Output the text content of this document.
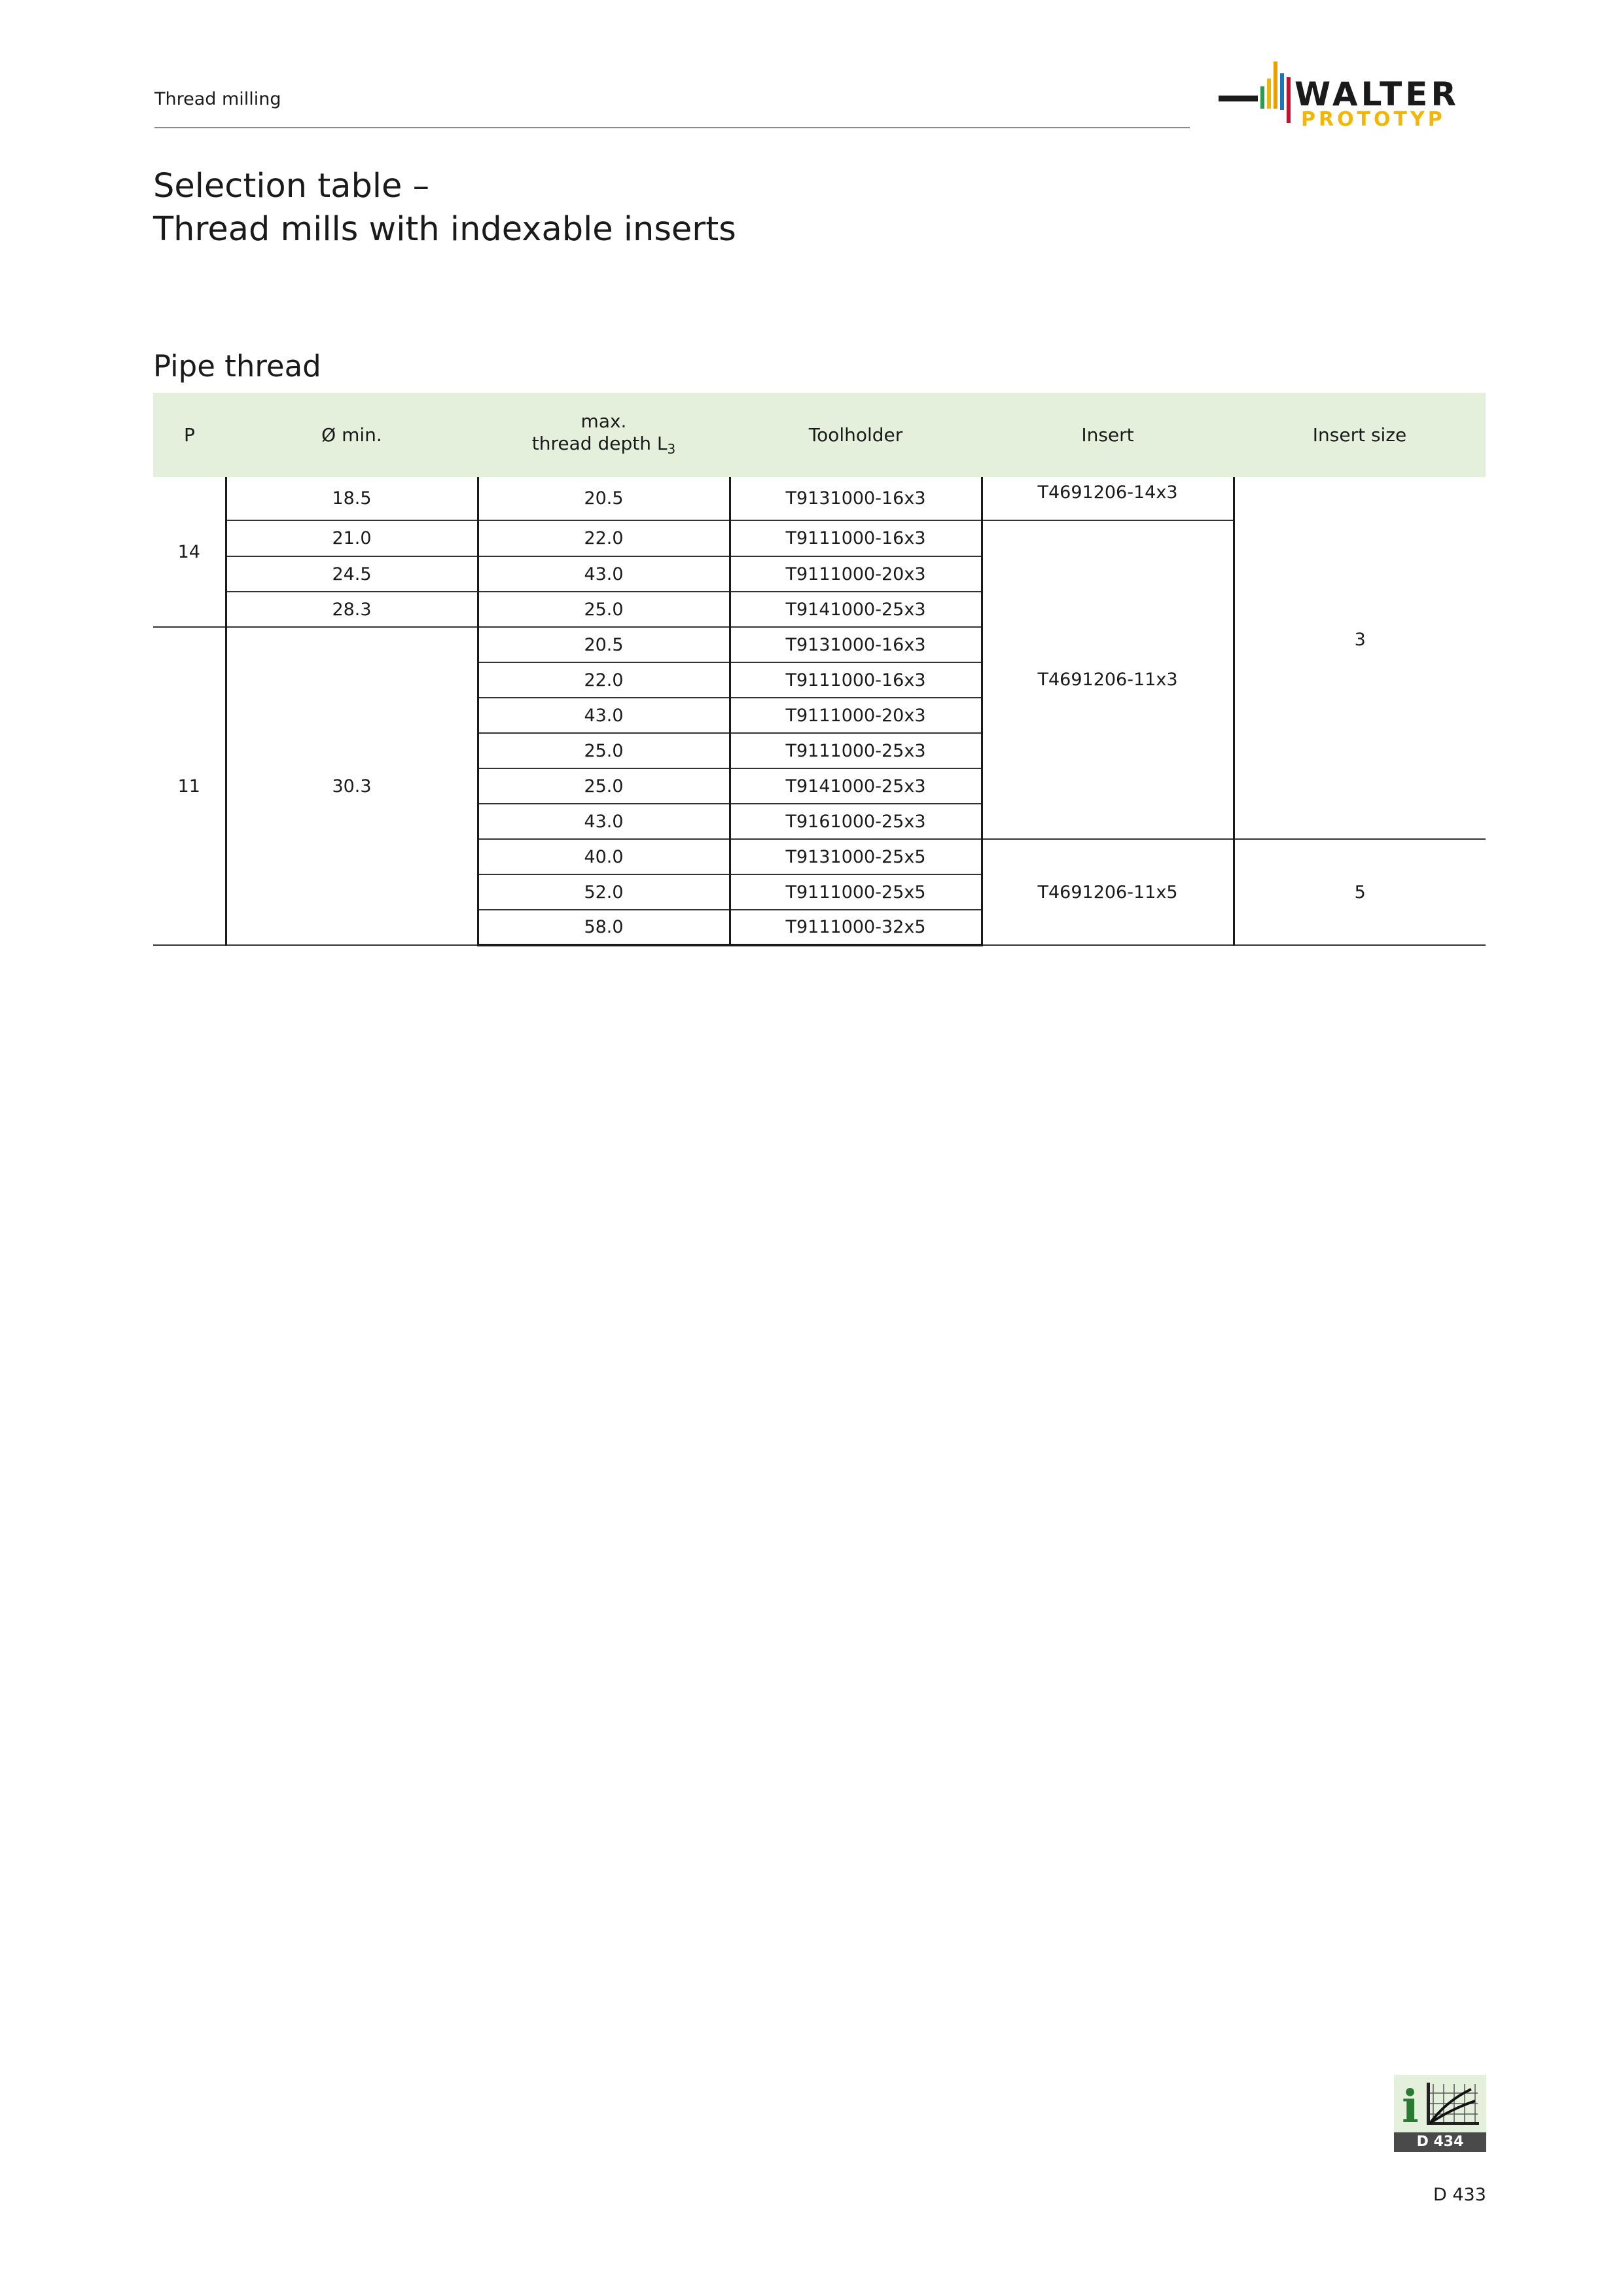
Thread milling	WALTER
PROTOTYP
Selection table –
Thread mills with indexable inserts
Pipe thread
P	Ø min.	max.
thread depth $L_3$	Toolholder	Insert	Insert size
14	18.5	20.5	T9131000-16x3	T4691206-14x3	3
	21.0	22.0	T9111000-16x3	T4691206-11x3	
	24.5	43.0	T9111000-20x3		
	28.3	25.0	T9141000-25x3		
11	30.3	20.5	T9131000-16x3		
		22.0	T9111000-16x3		
		43.0	T9111000-20x3		
		25.0	T9111000-25x3		
		25.0	T9141000-25x3		
		43.0	T9161000-25x3		
		40.0	T9131000-25x5	T4691206-11x5	5
		52.0	T9111000-25x5		
		58.0	T9111000-32x5		
i
D 434
D 433
